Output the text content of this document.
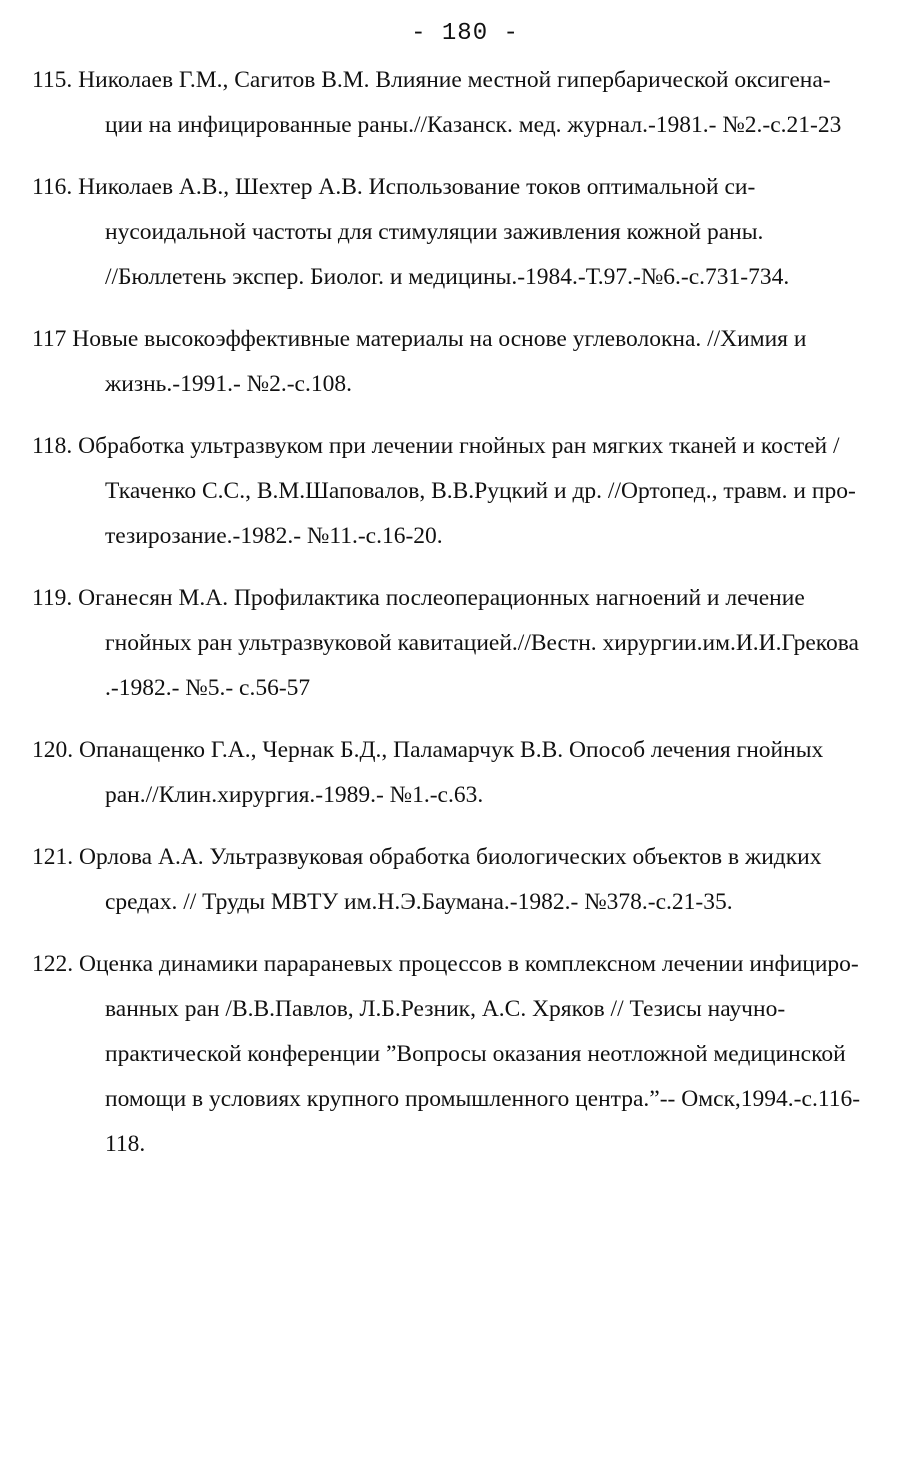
- 180 -
115. Николаев Г.М., Сагитов В.М. Влияние местной гипербарической оксигена-
ции на инфицированные раны.//Казанск. мед. журнал.-1981.- №2.-с.21-23
116. Николаев А.В., Шехтер А.В. Использование токов оптимальной си-
нусоидальной частоты для стимуляции заживления кожной раны.
//Бюллетень экспер. Биолог. и медицины.-1984.-Т.97.-№6.-с.731-734.
117 Новые высокоэффективные материалы на основе углеволокна. //Химия и
жизнь.-1991.- №2.-с.108.
118. Обработка ультразвуком при лечении гнойных ран мягких тканей и костей /
Ткаченко С.С., В.М.Шаповалов, В.В.Руцкий и др. //Ортопед., травм. и про-
тезирозание.-1982.- №11.-с.16-20.
119. Оганесян М.А. Профилактика послеоперационных нагноений и лечение
гнойных ран ультразвуковой кавитацией.//Вестн. хирургии.им.И.И.Грекова
.-1982.- №5.- с.56-57
120. Опанащенко Г.А., Чернак Б.Д., Паламарчук В.В. Опособ лечения гнойных
ран.//Клин.хирургия.-1989.- №1.-с.63.
121. Орлова А.А. Ультразвуковая обработка биологических объектов в жидких
средах. // Труды МВТУ им.Н.Э.Баумана.-1982.- №378.-с.21-35.
122. Оценка динамики парараневых процессов в комплексном лечении инфициро-
ванных ран /В.В.Павлов, Л.Б.Резник, А.С. Хряков // Тезисы научно-
практической конференции ”Вопросы оказания неотложной медицинской
помощи в условиях крупного промышленного центра.”-- Омск,1994.-с.116-
118.
